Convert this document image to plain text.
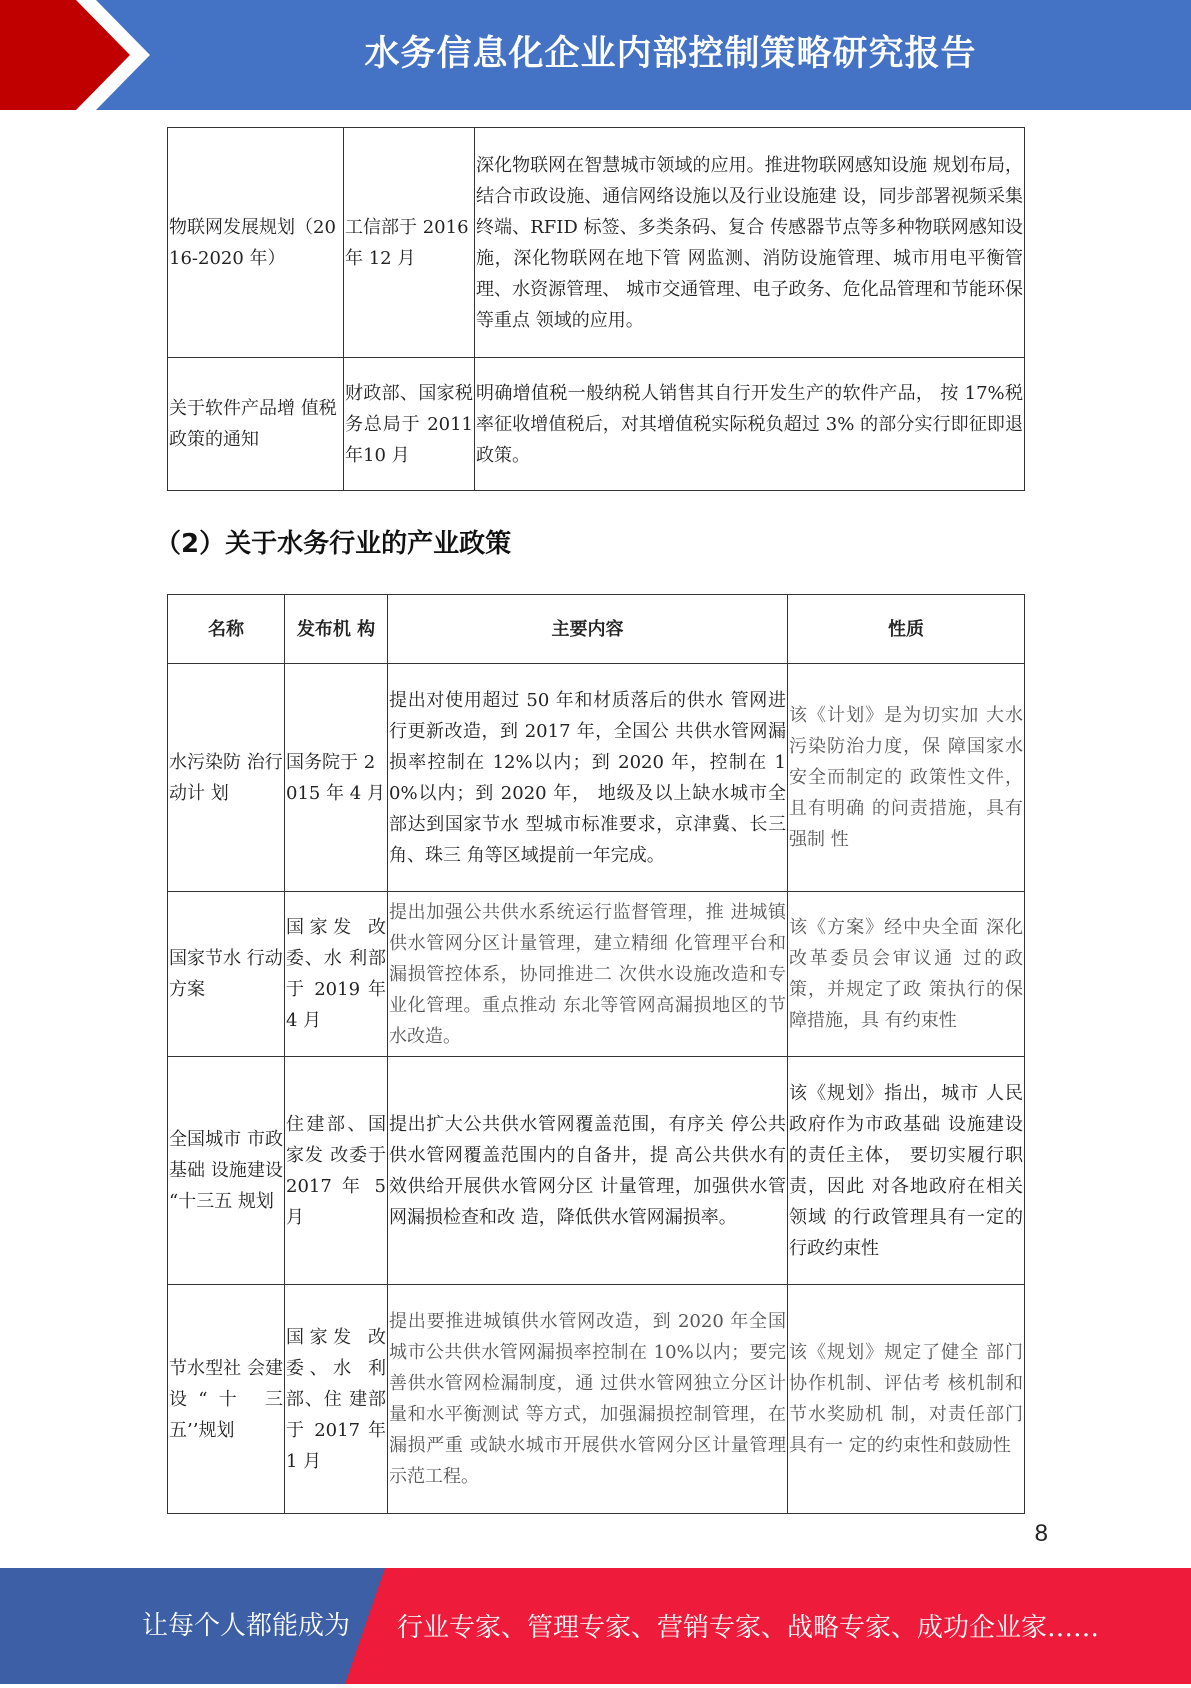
水务信息化企业内部控制策略研究报告
物联网发展规划（2016-2020 年）	工信部于 2016 年 12 月	深化物联网在智慧城市领域的应用。推进物联网感知设施 规划布局，结合市政设施、通信网络设施以及行业设施建 设，同步部署视频采集终端、RFID 标签、多类条码、复合 传感器节点等多种物联网感知设施，深化物联网在地下管 网监测、消防设施管理、城市用电平衡管理、水资源管理、 城市交通管理、电子政务、危化品管理和节能环保等重点 领域的应用。
关于软件产品增 值税政策的通知	财政部、国家税务总局于 2011 年10 月	明确增值税一般纳税人销售其自行开发生产的软件产品， 按 17%税率征收增值税后，对其增值税实际税负超过 3% 的部分实行即征即退政策。
（2）关于水务行业的产业政策
名称	发布机 构	主要内容	性质
水污染防 治行动计 划	国务院于 2015 年 4 月	提出对使用超过 50 年和材质落后的供水 管网进行更新改造，到 2017 年，全国公 共供水管网漏损率控制在 12%以内；到 2020 年，控制在 10%以内；到 2020 年， 地级及以上缺水城市全部达到国家节水 型城市标准要求，京津冀、长三角、珠三 角等区域提前一年完成。	该《计划》是为切实加 大水污染防治力度，保 障国家水安全而制定的 政策性文件，且有明确 的问责措施，具有强制 性
国家节水 行动方案	国家发 改委、水 利部于 2019 年 4 月	提出加强公共供水系统运行监督管理，推 进城镇供水管网分区计量管理，建立精细 化管理平台和漏损管控体系，协同推进二 次供水设施改造和专业化管理。重点推动 东北等管网高漏损地区的节水改造。	该《方案》经中央全面 深化改革委员会审议通 过的政策，并规定了政 策执行的保障措施，具 有约束性
全国城市 市政基础 设施建设 “十三五 规划	住建部、国家发 改委于 2017 年 5 月	提出扩大公共供水管网覆盖范围，有序关 停公共供水管网覆盖范围内的自备井，提 高公共供水有效供给开展供水管网分区 计量管理，加强供水管网漏损检查和改 造，降低供水管网漏损率。	该《规划》指出，城市 人民政府作为市政基础 设施建设的责任主体， 要切实履行职责，因此 对各地政府在相关领域 的行政管理具有一定的 行政约束性
节水型社 会建设“十 三五’’规划	国家发 改委、水 利部、住 建部于 2017 年 1 月	提出要推进城镇供水管网改造，到 2020 年全国城市公共供水管网漏损率控制在 10%以内；要完善供水管网检漏制度，通 过供水管网独立分区计量和水平衡测试 等方式，加强漏损控制管理，在漏损严重 或缺水城市开展供水管网分区计量管理 示范工程。	该《规划》规定了健全 部门协作机制、评估考 核机制和节水奖励机 制，对责任部门具有一 定的约束性和鼓励性
8
让每个人都能成为 行业专家、管理专家、营销专家、战略专家、成功企业家……
